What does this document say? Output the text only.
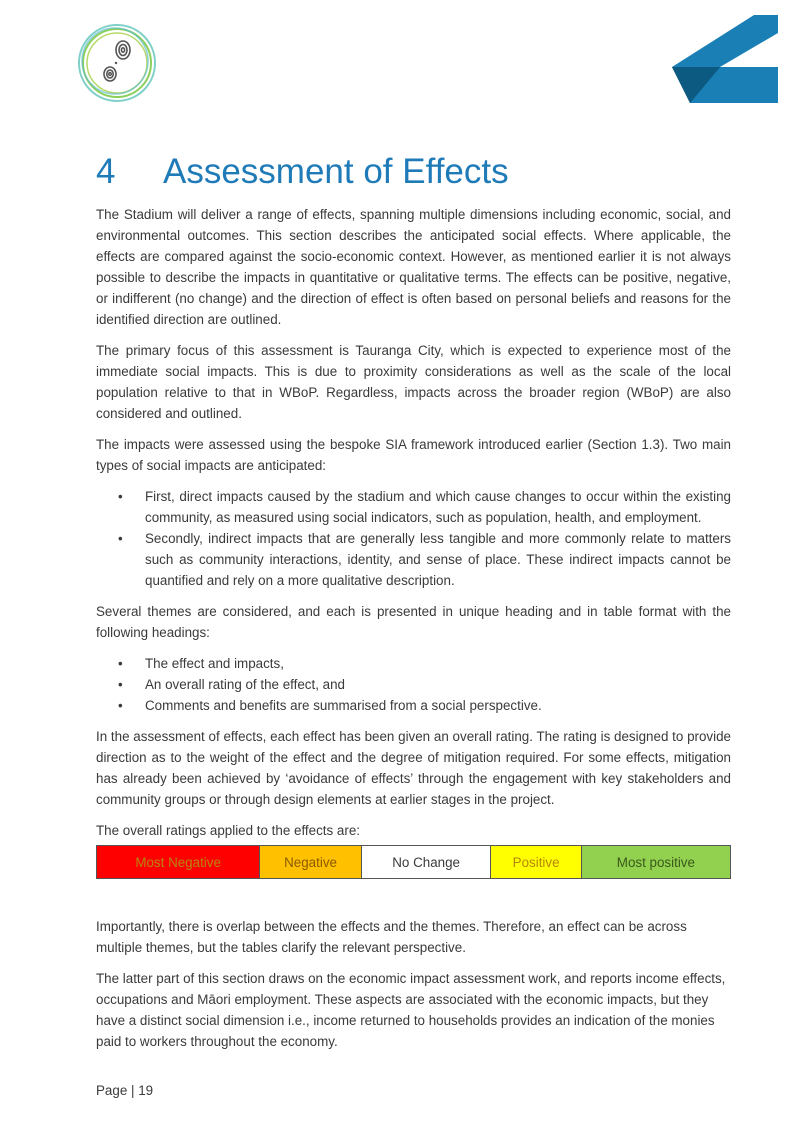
4 Assessment of Effects

The Stadium will deliver a range of effects, spanning multiple dimensions including economic, social, and environmental outcomes. This section describes the anticipated social effects. Where applicable, the effects are compared against the socio-economic context. However, as mentioned earlier it is not always possible to describe the impacts in quantitative or qualitative terms. The effects can be positive, negative, or indifferent (no change) and the direction of effect is often based on personal beliefs and reasons for the identified direction are outlined.

The primary focus of this assessment is Tauranga City, which is expected to experience most of the immediate social impacts. This is due to proximity considerations as well as the scale of the local population relative to that in WBoP. Regardless, impacts across the broader region (WBoP) are also considered and outlined.

The impacts were assessed using the bespoke SIA framework introduced earlier (Section 1.3). Two main types of social impacts are anticipated:

• First, direct impacts caused by the stadium and which cause changes to occur within the existing community, as measured using social indicators, such as population, health, and employment.
• Secondly, indirect impacts that are generally less tangible and more commonly relate to matters such as community interactions, identity, and sense of place. These indirect impacts cannot be quantified and rely on a more qualitative description.

Several themes are considered, and each is presented in unique heading and in table format with the following headings:

• The effect and impacts,
• An overall rating of the effect, and
• Comments and benefits are summarised from a social perspective.

In the assessment of effects, each effect has been given an overall rating. The rating is designed to provide direction as to the weight of the effect and the degree of mitigation required. For some effects, mitigation has already been achieved by ‘avoidance of effects’ through the engagement with key stakeholders and community groups or through design elements at earlier stages in the project.

The overall ratings applied to the effects are:

Most Negative	Negative	No Change	Positive	Most positive

Importantly, there is overlap between the effects and the themes. Therefore, an effect can be across multiple themes, but the tables clarify the relevant perspective.

The latter part of this section draws on the economic impact assessment work, and reports income effects, occupations and Māori employment. These aspects are associated with the economic impacts, but they have a distinct social dimension i.e., income returned to households provides an indication of the monies paid to workers throughout the economy.

Page | 19
